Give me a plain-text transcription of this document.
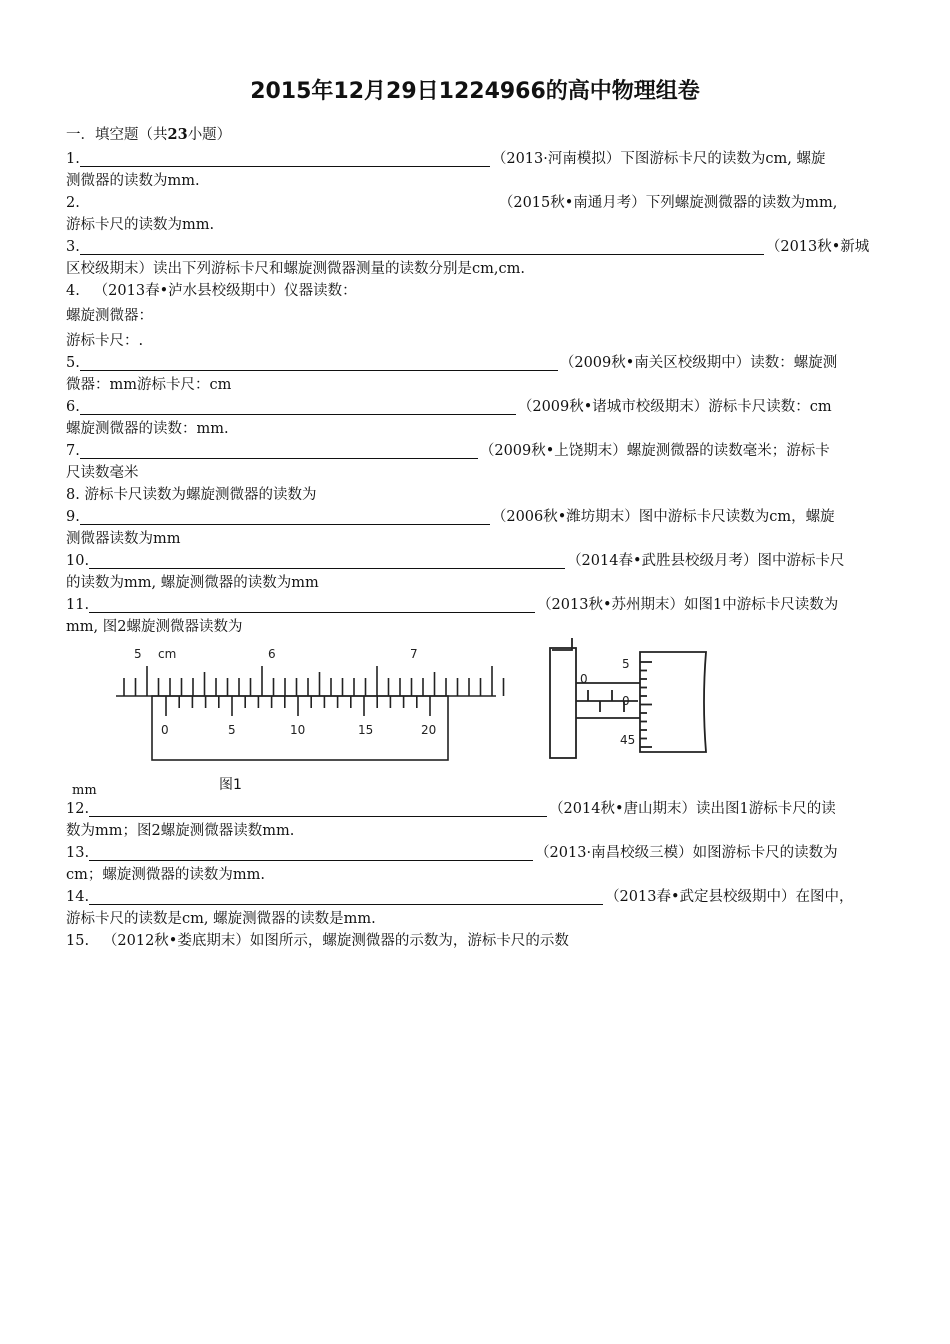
2015年12月29日1224966的高中物理组卷
一．填空题（共23小题）
1.	（2013·河南模拟）下图游标卡尺的读数为cm, 螺旋
测微器的读数为mm.
2.	（2015秋•南通月考）下列螺旋测微器的读数为mm,
游标卡尺的读数为mm.
3.	（2013秋•新城
区校级期末）读出下列游标卡尺和螺旋测微器测量的读数分别是cm,cm.
4. （2013春•泸水县校级期中）仪器读数：
螺旋测微器：
游标卡尺：.
5.	（2009秋•南关区校级期中）读数：螺旋测
微器：mm游标卡尺：cm
6.	（2009秋•诸城市校级期末）游标卡尺读数：cm
螺旋测微器的读数：mm.
7.	（2009秋•上饶期末）螺旋测微器的读数毫米；游标卡
尺读数毫米
8. 游标卡尺读数为螺旋测微器的读数为
9.	（2006秋•潍坊期末）图中游标卡尺读数为cm，螺旋
测微器读数为mm
10.	（2014春•武胜县校级月考）图中游标卡尺
的读数为mm, 螺旋测微器的读数为mm
11.	（2013秋•苏州期末）如图1中游标卡尺读数为
mm, 图2螺旋测微器读数为
5 cm	6	7
0	5	10	15	20
0
5
0
45
mm	图1
12.	（2014秋•唐山期末）读出图1游标卡尺的读
数为mm；图2螺旋测微器读数mm.
13.	（2013·南昌校级三模）如图游标卡尺的读数为
cm；螺旋测微器的读数为mm.
14.	（2013春•武定县校级期中）在图中，
游标卡尺的读数是cm, 螺旋测微器的读数是mm.
15. （2012秋•娄底期末）如图所示，螺旋测微器的示数为，游标卡尺的示数
